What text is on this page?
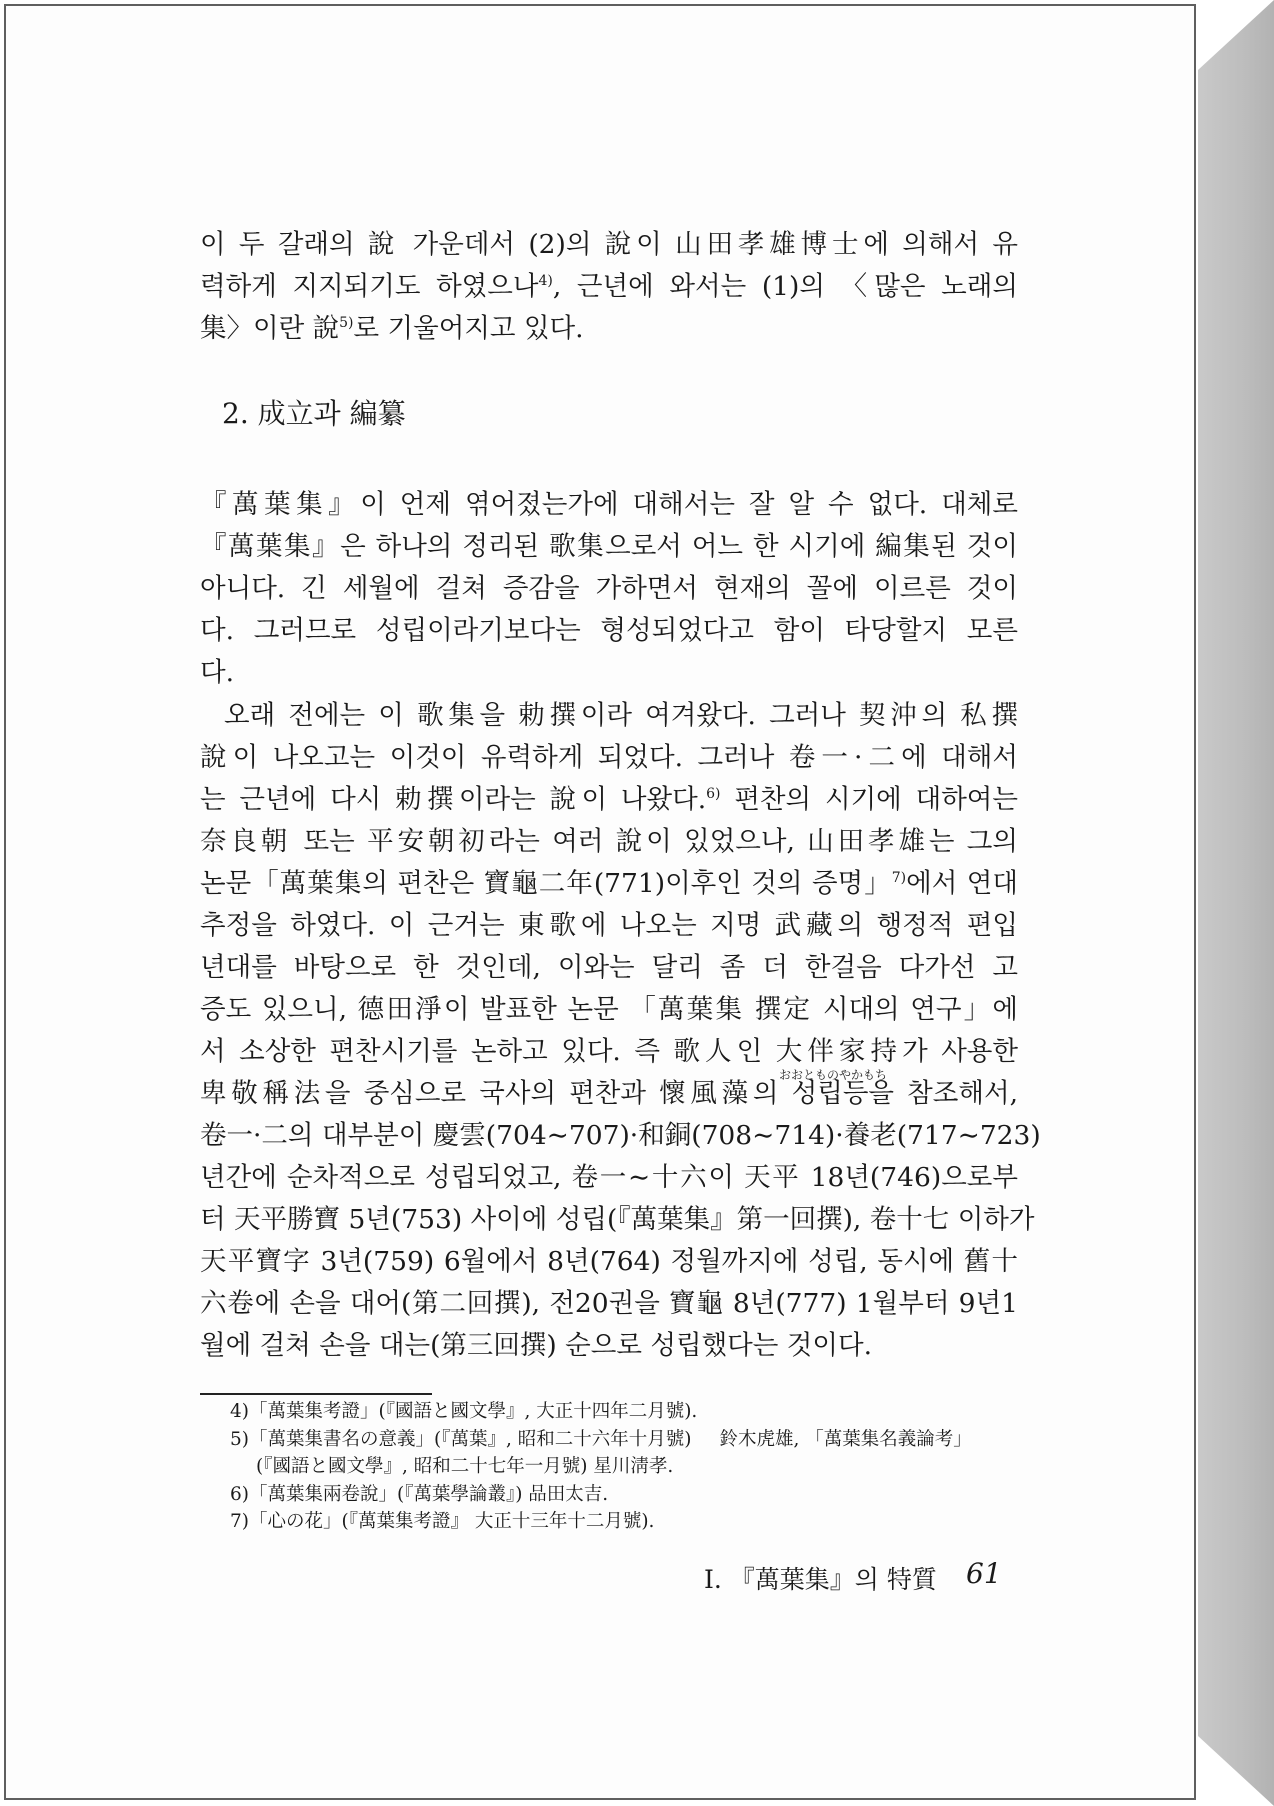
이 두 갈래의 說 가운데서 (2)의 說이 山田孝雄博士에 의해서 유
력하게 지지되기도 하였으나$^{4)}$, 근년에 와서는 (1)의 〈많은 노래의
集〉이란 說$^{5)}$로 기울어지고 있다.
2. 成立과 編纂
『萬葉集』이 언제 엮어졌는가에 대해서는 잘 알 수 없다. 대체로
『萬葉集』은 하나의 정리된 歌集으로서 어느 한 시기에 編集된 것이
아니다. 긴 세월에 걸쳐 증감을 가하면서 현재의 꼴에 이르른 것이
다. 그러므로 성립이라기보다는 형성되었다고 함이 타당할지 모른
다.
오래 전에는 이 歌集을 勅撰이라 여겨왔다. 그러나 契沖의 私撰
說이 나오고는 이것이 유력하게 되었다. 그러나 卷一·二에 대해서
는 근년에 다시 勅撰이라는 說이 나왔다.$^{6)}$ 편찬의 시기에 대하여는
奈良朝 또는 平安朝初라는 여러 說이 있었으나, 山田孝雄는 그의
논문「萬葉集의 편찬은 寶龜二年(771)이후인 것의 증명」$^{7)}$에서 연대
추정을 하였다. 이 근거는 東歌에 나오는 지명 武藏의 행정적 편입
년대를 바탕으로 한 것인데, 이와는 달리 좀 더 한걸음 다가선 고
증도 있으니, 德田淨이 발표한 논문 「萬葉集 撰定 시대의 연구」에
서 소상한 편찬시기를 논하고 있다. 즉 歌人인 大伴家持가 사용한
卑敬稱法을 중심으로 국사의 편찬과 懷風藻의 성립등을 참조해서,
卷一·二의 대부분이 慶雲(704∼707)·和銅(708∼714)·養老(717∼723)
년간에 순차적으로 성립되었고, 卷一∼十六이 天平 18년(746)으로부
터 天平勝寶 5년(753) 사이에 성립(『萬葉集』第一回撰), 卷十七 이하가
天平寶字 3년(759) 6월에서 8년(764) 정월까지에 성립, 동시에 舊十
六卷에 손을 대어(第二回撰), 전20권을 寶龜 8년(777) 1월부터 9년1
월에 걸쳐 손을 대는(第三回撰) 순으로 성립했다는 것이다.
おおとものやかもち
4)「萬葉集考證」(『國語と國文學』, 大正十四年二月號).
5)「萬葉集書名の意義」(『萬葉』, 昭和二十六年十月號) 鈴木虎雄, 「萬葉集名義論考」
(『國語と國文學』, 昭和二十七年一月號) 星川淸孝.
6)「萬葉集兩卷說」(『萬葉學論叢』) 品田太吉.
7)「心の花」(『萬葉集考證』 大正十三年十二月號).
I. 『萬葉集』의 特質 61
